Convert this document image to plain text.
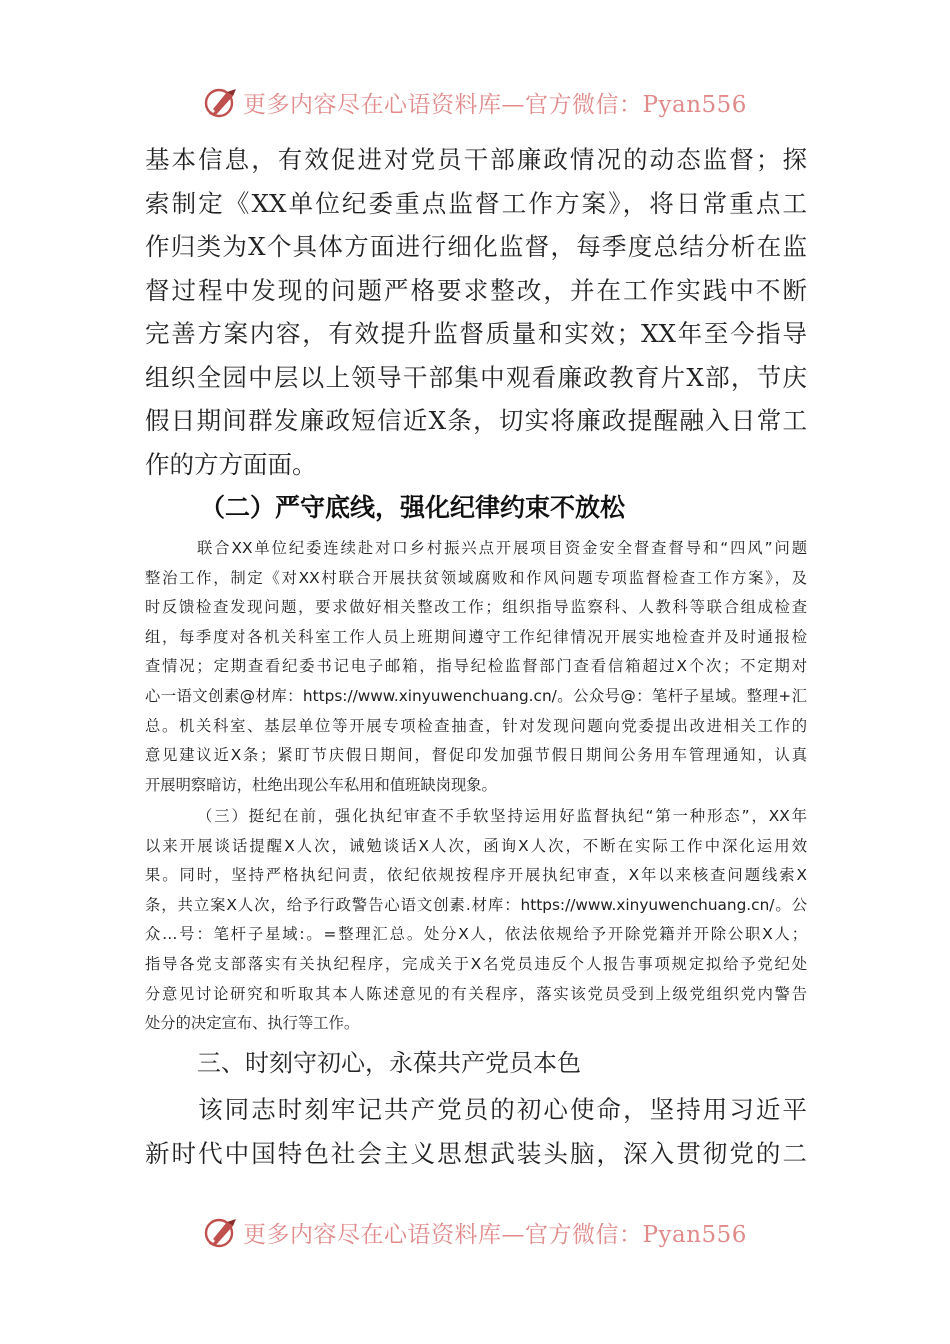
更多内容尽在心语资料库—官方微信：Pyan556
基本信息，有效促进对党员干部廉政情况的动态监督；探
索制定《XX单位纪委重点监督工作方案》，将日常重点工
作归类为X个具体方面进行细化监督，每季度总结分析在监
督过程中发现的问题严格要求整改，并在工作实践中不断
完善方案内容，有效提升监督质量和实效；XX年至今指导
组织全园中层以上领导干部集中观看廉政教育片X部，节庆
假日期间群发廉政短信近X条，切实将廉政提醒融入日常工
作的方方面面。
（二）严守底线，强化纪律约束不放松
联合XX单位纪委连续赴对口乡村振兴点开展项目资金安全督查督导和“四风”问题
整治工作，制定《对XX村联合开展扶贫领域腐败和作风问题专项监督检查工作方案》，及
时反馈检查发现问题，要求做好相关整改工作；组织指导监察科、人教科等联合组成检查
组，每季度对各机关科室工作人员上班期间遵守工作纪律情况开展实地检查并及时通报检
查情况；定期查看纪委书记电子邮箱，指导纪检监督部门查看信箱超过X个次；不定期对
心一语文创素@材库：https://www.xinyuwenchuang.cn/。公众号@：笔杆子星域。整理+汇
总。机关科室、基层单位等开展专项检查抽查，针对发现问题向党委提出改进相关工作的
意见建议近X条；紧盯节庆假日期间，督促印发加强节假日期间公务用车管理通知，认真
开展明察暗访，杜绝出现公车私用和值班缺岗现象。
（三）挺纪在前，强化执纪审查不手软坚持运用好监督执纪“第一种形态”，XX年
以来开展谈话提醒X人次，诫勉谈话X人次，函询X人次，不断在实际工作中深化运用效
果。同时，坚持严格执纪问责，依纪依规按程序开展执纪审查，X年以来核查问题线索X
条，共立案X人次，给予行政警告心语文创素.材库：https://www.xinyuwenchuang.cn/。公
众…号：笔杆子星域:。=整理汇总。处分X人，依法依规给予开除党籍并开除公职X人；
指导各党支部落实有关执纪程序，完成关于X名党员违反个人报告事项规定拟给予党纪处
分意见讨论研究和听取其本人陈述意见的有关程序，落实该党员受到上级党组织党内警告
处分的决定宣布、执行等工作。
三、时刻守初心，永葆共产党员本色
　　该同志时刻牢记共产党员的初心使命，坚持用习近平
新时代中国特色社会主义思想武装头脑，深入贯彻党的二
更多内容尽在心语资料库—官方微信：Pyan556
